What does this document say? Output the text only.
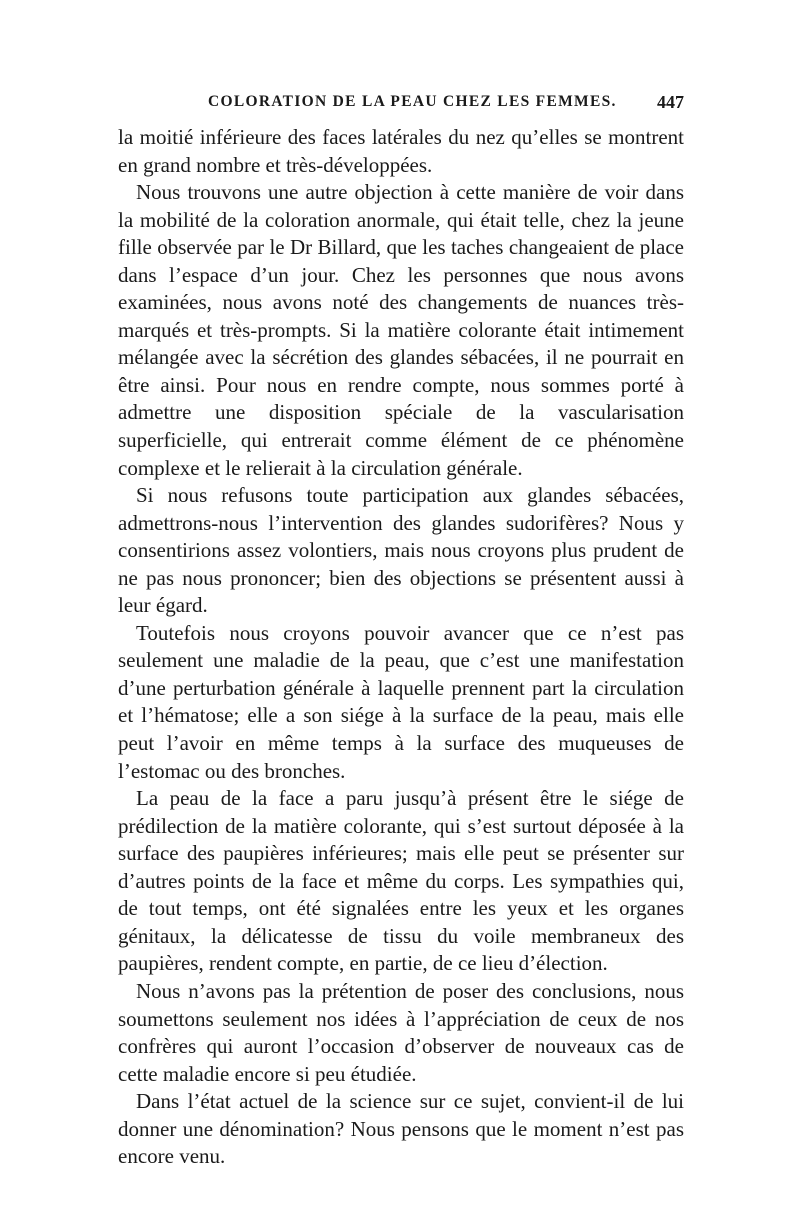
COLORATION DE LA PEAU CHEZ LES FEMMES. 447

la moitié inférieure des faces latérales du nez qu’elles se montrent en grand nombre et très-développées.

Nous trouvons une autre objection à cette manière de voir dans la mobilité de la coloration anormale, qui était telle, chez la jeune fille observée par le Dr Billard, que les taches changeaient de place dans l’espace d’un jour. Chez les personnes que nous avons examinées, nous avons noté des changements de nuances très-marqués et très-prompts. Si la matière colorante était intimement mélangée avec la sécrétion des glandes sébacées, il ne pourrait en être ainsi. Pour nous en rendre compte, nous sommes porté à admettre une disposition spéciale de la vascularisation superficielle, qui entrerait comme élément de ce phénomène complexe et le relierait à la circulation générale.

Si nous refusons toute participation aux glandes sébacées, admettrons-nous l’intervention des glandes sudorifères? Nous y consentirions assez volontiers, mais nous croyons plus prudent de ne pas nous prononcer; bien des objections se présentent aussi à leur égard.

Toutefois nous croyons pouvoir avancer que ce n’est pas seulement une maladie de la peau, que c’est une manifestation d’une perturbation générale à laquelle prennent part la circulation et l’hématose; elle a son siége à la surface de la peau, mais elle peut l’avoir en même temps à la surface des muqueuses de l’estomac ou des bronches.

La peau de la face a paru jusqu’à présent être le siége de prédilection de la matière colorante, qui s’est surtout déposée à la surface des paupières inférieures; mais elle peut se présenter sur d’autres points de la face et même du corps. Les sympathies qui, de tout temps, ont été signalées entre les yeux et les organes génitaux, la délicatesse de tissu du voile membraneux des paupières, rendent compte, en partie, de ce lieu d’élection.

Nous n’avons pas la prétention de poser des conclusions, nous soumettons seulement nos idées à l’appréciation de ceux de nos confrères qui auront l’occasion d’observer de nouveaux cas de cette maladie encore si peu étudiée.

Dans l’état actuel de la science sur ce sujet, convient-il de lui donner une dénomination? Nous pensons que le moment n’est pas encore venu.
